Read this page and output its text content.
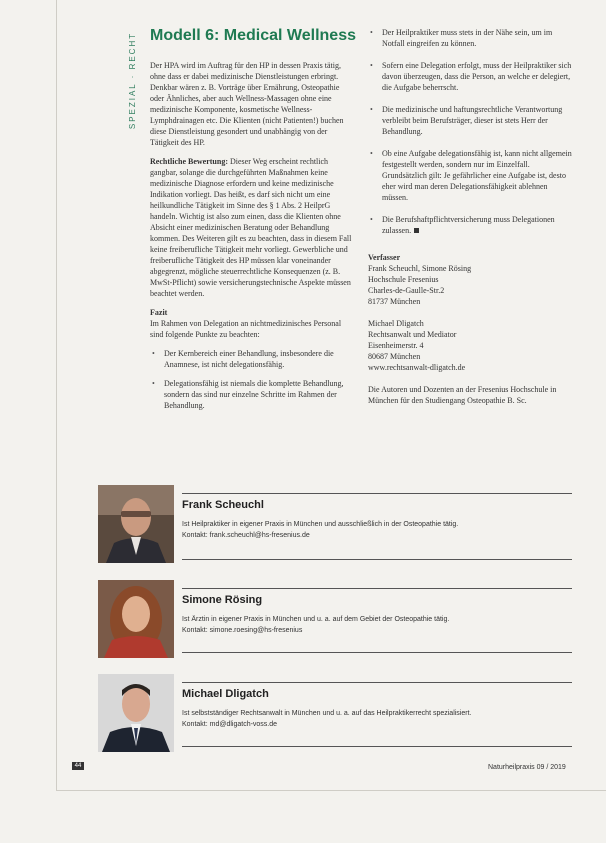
SPEZIAL · RECHT Modell 6: Medical Wellness

Der HPA wird im Auftrag für den HP in dessen Praxis tätig, ohne dass er dabei medizinische Dienstleistungen erbringt. Denkbar wären z. B. Vorträge über Ernährung, Osteopathie oder Ähnliches, aber auch Wellness-Massagen ohne eine medizinische Komponente, kosmetische Wellness-Lymphdrainagen etc. Die Klienten (nicht Patienten!) buchen diese Dienstleistung gesondert und unabhängig von der Tätigkeit des HP.

Rechtliche Bewertung: Dieser Weg erscheint rechtlich gangbar, solange die durchgeführten Maßnahmen keine medizinische Diagnose erfordern und keine medizinische Indikation vorliegt. Das heißt, es darf sich nicht um eine heilkundliche Tätigkeit im Sinne des § 1 Abs. 2 HeilprG handeln. Wichtig ist also zum einen, dass die Klienten ohne Absicht einer medizinischen Beratung oder Behandlung kommen. Des Weiteren gilt es zu beachten, dass in diesem Fall keine freiberufliche Tätigkeit mehr vorliegt. Gewerbliche und freiberufliche Tätigkeit des HP müssen klar voneinander abgegrenzt, mögliche steuerrechtliche Konsequenzen (z. B. MwSt-Pflicht) sowie versicherungstechnische Aspekte müssen beachtet werden.

Fazit

Im Rahmen von Delegation an nichtmedizinisches Personal sind folgende Punkte zu beachten:

• Der Kernbereich einer Behandlung, insbesondere die Anamnese, ist nicht delegationsfähig.
• Delegationsfähig ist niemals die komplette Behandlung, sondern das sind nur einzelne Schritte im Rahmen der Behandlung.
• Der Heilpraktiker muss stets in der Nähe sein, um im Notfall eingreifen zu können.
• Sofern eine Delegation erfolgt, muss der Heilpraktiker sich davon überzeugen, dass die Person, an welche er delegiert, die Aufgabe beherrscht.
• Die medizinische und haftungsrechtliche Verantwortung verbleibt beim Berufsträger, dieser ist stets Herr der Behandlung.
• Ob eine Aufgabe delegationsfähig ist, kann nicht allgemein festgestellt werden, sondern nur im Einzelfall. Grundsätzlich gilt: Je gefährlicher eine Aufgabe ist, desto eher wird man deren Delegationsfähigkeit ablehnen müssen.
• Die Berufshaftpflichtversicherung muss Delegationen zulassen.
Verfasser
Frank Scheuchl, Simone Rösing
Hochschule Fresenius
Charles-de-Gaulle-Str.2
81737 München
Michael Dligatch
Rechtsanwalt und Mediator
Eisenheimerstr. 4
80687 München
www.rechtsanwalt-dligatch.de

Die Autoren und Dozenten an der Fresenius Hochschule in München für den Studiengang Osteopathie B. Sc.

Frank Scheuchl
Ist Heilpraktiker in eigener Praxis in München und ausschließlich in der Osteopathie tätig.
Kontakt: frank.scheuchl@hs-fresenius.de
Simone Rösing
Ist Ärztin in eigener Praxis in München und u. a. auf dem Gebiet der Osteopathie tätig.
Kontakt: simone.roesing@hs-fresenius
Michael Dligatch
Ist selbstständiger Rechtsanwalt in München und u. a. auf das Heilpraktikerrecht spezialisiert.
Kontakt: md@dligatch-voss.de
44	Naturheilpraxis 09 / 2019
